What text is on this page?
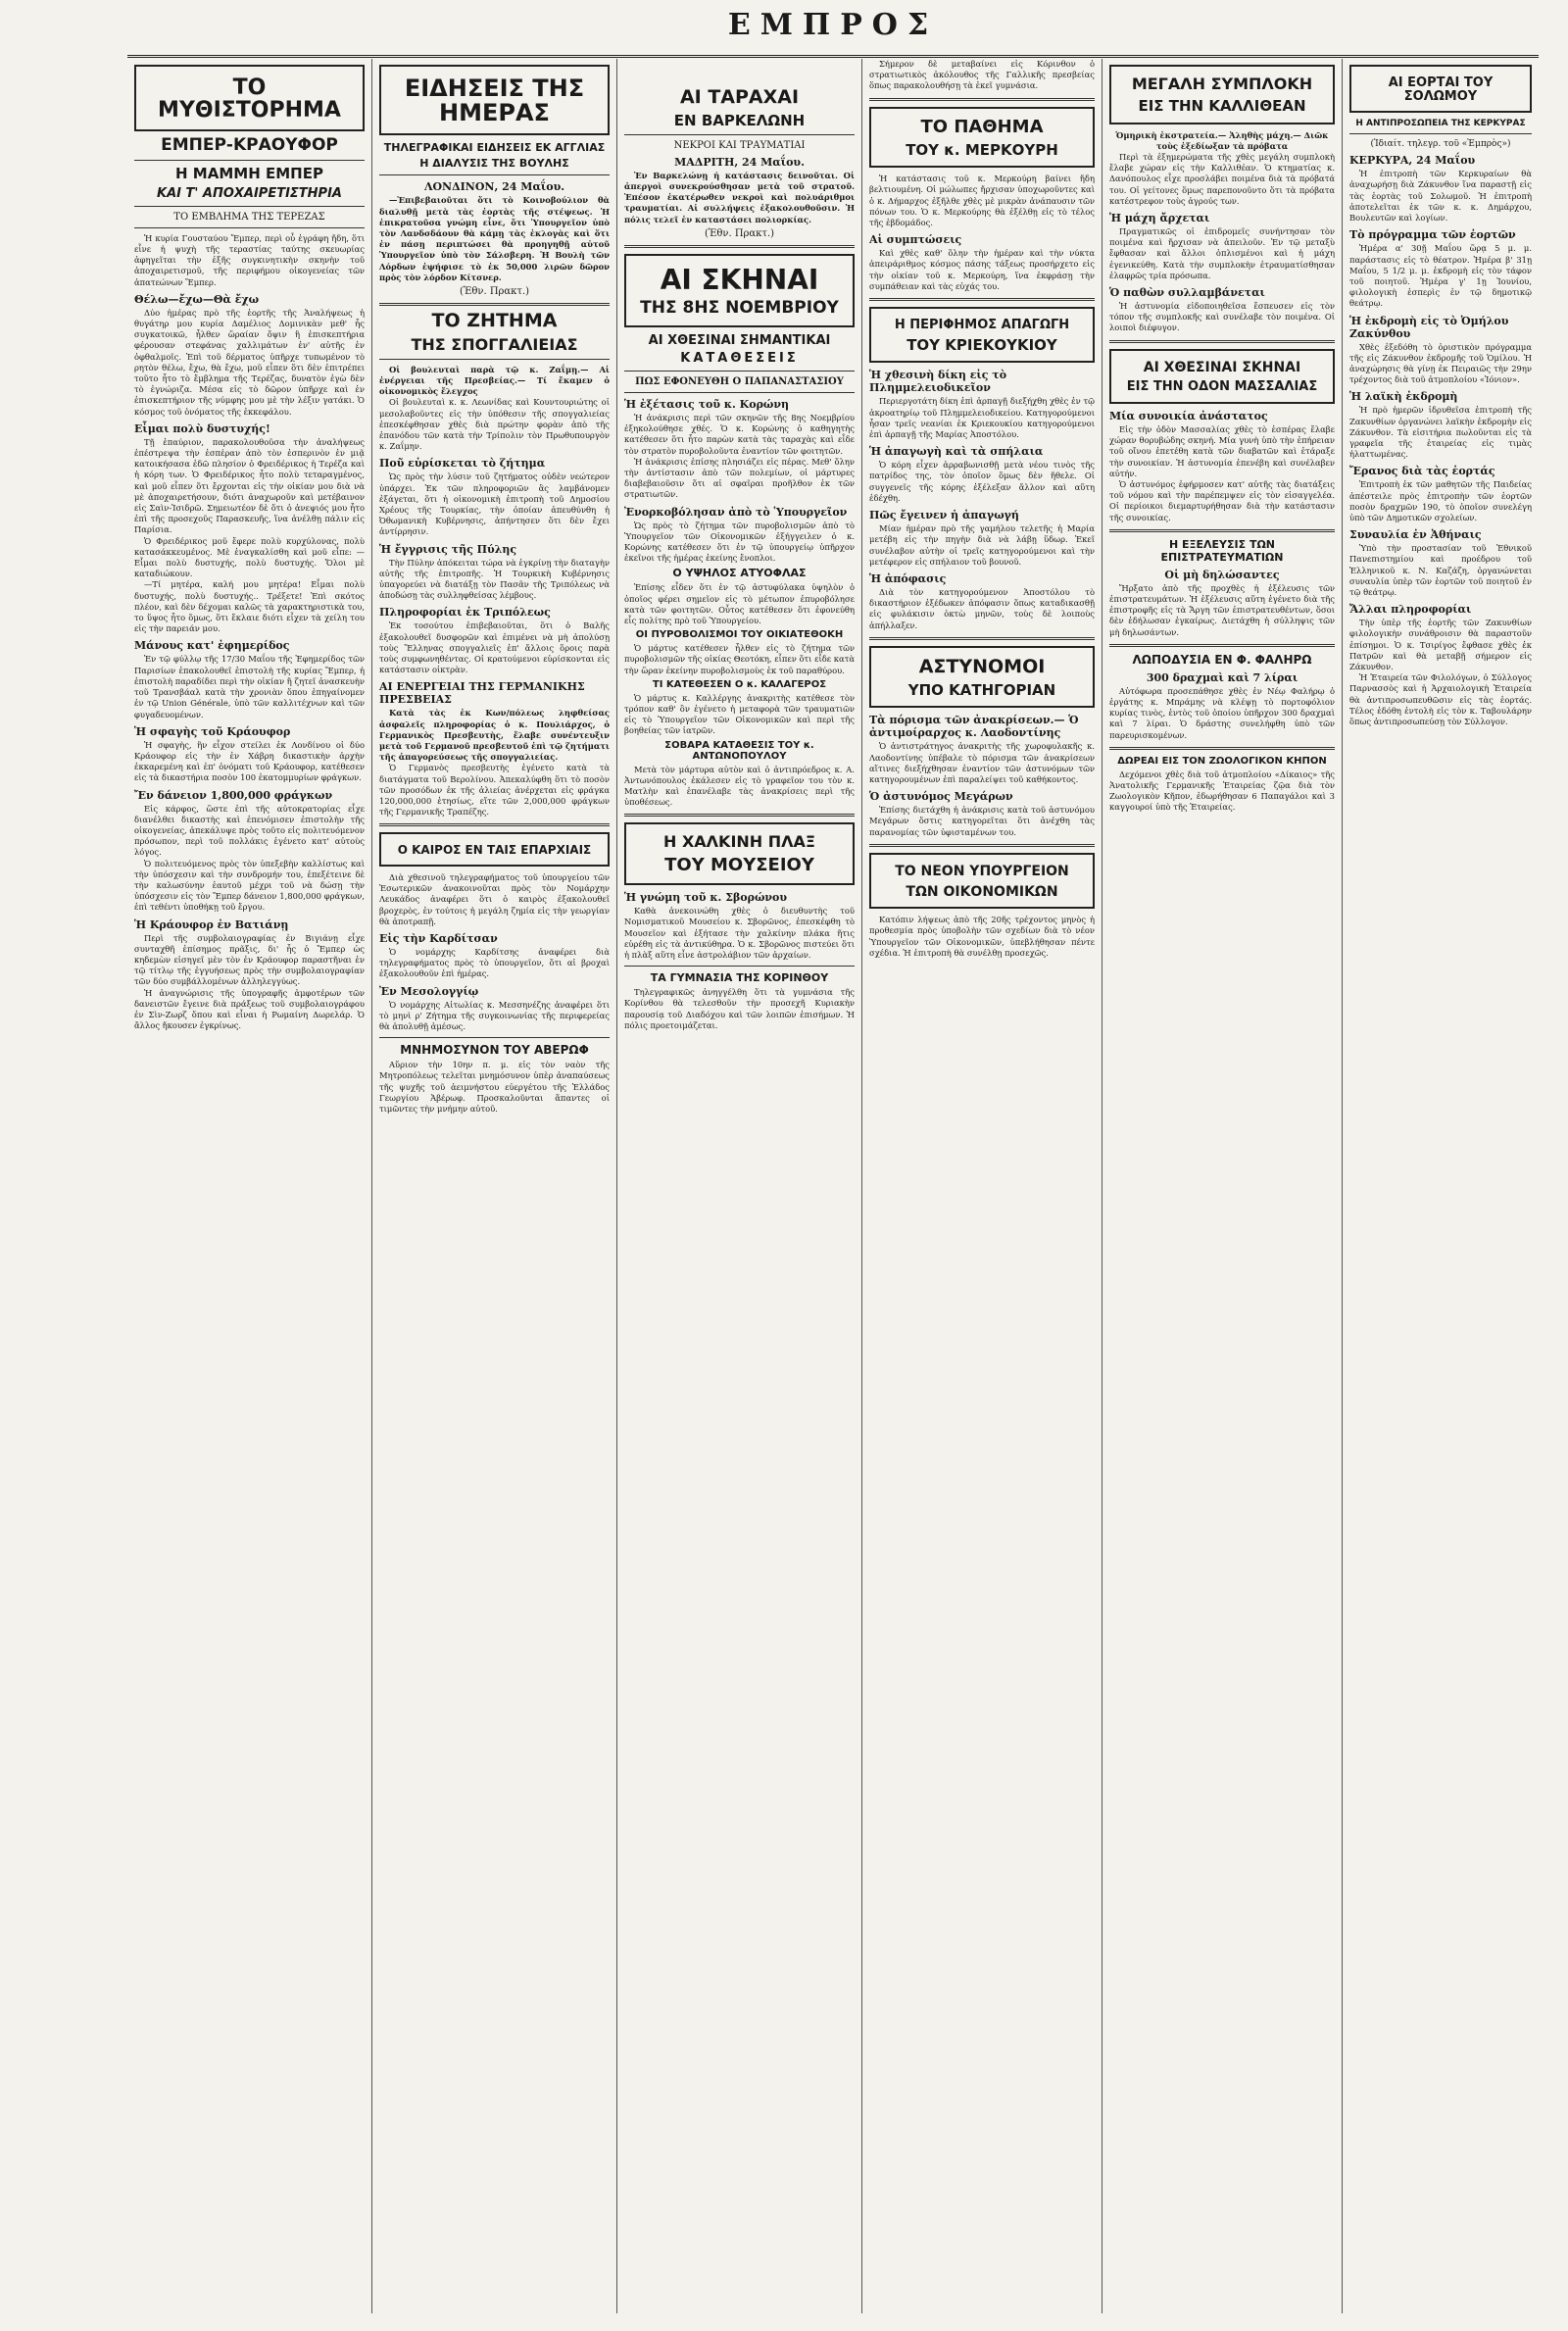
ΕΜΠΡΟΣ
ΤΟ ΜΥΘΙΣΤΟΡΗΜΑ
ΕΜΠΕΡ-ΚΡΑΟΥΦΟΡ
Η ΜΑΜΜΗ ΕΜΠΕΡ
ΚΑΙ Τ' ΑΠΟΧΑΙΡΕΤΙΣΤΗΡΙΑ
ΤΟ ΕΜΒΛΗΜΑ ΤΗΣ ΤΕΡΕΖΑΣ

Ἡ κυρία Γουσταύου Ἔμπερ, περὶ οὗ ἐγράφη ἤδη, ὅτι εἶνε ἡ ψυχὴ τῆς τεραστίας ταύτης σκευωρίας ἀφηγεῖται τὴν ἐξῆς συγκινητικὴν σκηνὴν τοῦ ἀποχαιρετισμοῦ, τῆς περιφήμου οἰκογενείας τῶν ἀπατεώνων Ἔμπερ.

Θέλω—ἔχω—Θὰ ἔχω

Δύο ἡμέρας πρὸ τῆς ἑορτῆς τῆς Ἀναλήψεως ἡ θυγάτηρ μου κυρία Δαμέλιος Δομινικὰν μεθ' ἧς συγκατοικῶ, ἦλθεν ὥραίαν ὄψιν ἢ ἐπισκεπτήρια φέρουσαν στεφάνας χαλλιμάτων ἐν' αὐτῆς ἐν ὀφθαλμοῖς. Ἐπὶ τοῦ δέρματος ὑπῆρχε τυπωμένον τὸ ρητὸν θέλω, ἔχω, θὰ ἔχω, μοῦ εἶπεν ὅτι δὲν ἐπιτρέπει τοῦτο ἦτο τὸ ἔμβλημα τῆς Τερέζας, δυνατὸν ἐγὼ δὲν τὸ ἐγνώριζα. Μέσα εἰς τὸ δῶρον ὑπῆρχε καὶ ἐν ἐπισκεπτήριον τῆς νύμφης μου μὲ τὴν λέξιν γατάκι. Ὁ κόσμος τοῦ ὀνόματος τῆς ἐκκεφάλου.

Εἶμαι πολὺ δυστυχής!

Τῇ ἐπαύριον, παρακολουθοῦσα τὴν ἀναλήψεως ἐπέστρεψα τὴν ἐσπέραν ἀπὸ τὸν ἐσπερινὸν ἐν μιᾷ κατοικήσασα ἐδῶ πλησίον ὁ Φρειδέρικος ἡ Τερέζα καὶ ἡ κόρη των. Ὁ Φρειδέρικος ἦτο πολὺ τεταραγμένος, καὶ μοῦ εἶπεν ὅτι ἔρχονται εἰς τὴν οἰκίαν μου διὰ νὰ μὲ ἀποχαιρετήσουν, διότι ἀναχωροῦν καὶ μετέβαινον εἰς Σαὶν-Ἰσιδρῶ. Σημειωτέον δὲ ὅτι ὁ ἀνεψιός μου ἦτο ἐπὶ τῆς προσεχοῦς Παρασκευῆς, ἵνα ἀνέλθῃ πάλιν εἰς Παρίσια.

Ὁ Φρειδέρικος μοῦ ἔφερε πολὺ κυρχύλονας, πολὺ κατασάκκευμένος. Μὲ ἐναγκαλίσθη καὶ μοῦ εἶπε: —Εἶμαι πολὺ δυστυχής, πολὺ δυστυχής. Ὅλοι μὲ καταδιώκουν.

—Τί μητέρα, καλή μου μητέρα! Εἶμαι πολὺ δυστυχής, πολὺ δυστυχής.. Τρέξετε! Ἐπὶ σκότος πλέον, καὶ δὲν δέχομαι καλῶς τὰ χαρακτηριστικὰ του, το ὕψος ἦτο ὅμως, ὅτι ἔκλαιε διότι εἶχεν τὰ χείλη του εἰς τὴν παρειάν μου.

Μάνους κατ' ἐφημερίδος

Ἐν τῷ φύλλῳ τῆς 17/30 Μαΐου τῆς Ἐφημερίδος τῶν Παρισίων ἐπακολουθεῖ ἐπιστολὴ τῆς κυρίας Ἔμπερ, ἡ ἐπιστολὴ παραδίδει περὶ τὴν οἰκίαν ἢ ζητεῖ ἀνασκευὴν τοῦ Τρανσβάαλ κατὰ τὴν χρονιὰν ὅπου ἐπηγαίνομεν ἐν τῷ Union Générale, ὑπὸ τῶν καλλιτέχνων καὶ τῶν φυγαδευομένων.

Ἡ σφαγὴς τοῦ Κράουφορ

Ἡ σφαγὴς, ἢν εἶχον στείλει ἐκ Λονδίνου οἱ δύο Κράουφορ εἰς τὴν ἐν Χάβρη δικαστικὴν ἀρχὴν ἐκκαρεμένη καὶ ἐπ' ὀνόματι τοῦ Κράουφορ, κατέθεσεν εἰς τὰ δικαστήρια ποσὸν 100 ἑκατομμυρίων φράγκων.

Ἔν δάνειον 1,800,000 φράγκων

Εἰς κάρφος, ὥστε ἐπὶ τῆς αὐτοκρατορίας εἶχε διανέλθει δικαστὴς καὶ ἐπενόμισεν ἐπιστολὴν τῆς οἰκογενείας, ἀπεκάλυψε πρὸς τοῦτο εἰς πολιτευόμενον πρόσωπον, περὶ τοῦ πολλάκις ἐγένετο κατ' αὐτοὺς λόγος.

Ὁ πολιτευόμενος πρὸς τὸν ὑπεξεβὴν καλλίστως καὶ τὴν ὑπόσχεσιν καὶ τὴν συνδρομήν του, ἐπεξέτεινε δὲ τὴν καλωσύνην ἑαυτοῦ μέχρι τοῦ νὰ δώσῃ τὴν ὑπόσχεσιν εἰς τὸν Ἔμπερ δάνειον 1,800,000 φράγκων, ἐπὶ τεθέντι ὑποθήκῃ τοῦ ἔργου.

Ἡ Κράουφορ ἐν Βατιάνῃ

Περὶ τῆς συμβολαιογραφίας ἐν Βιγιάνῃ εἶχε συνταχθῆ ἐπίσημος πρᾶξις, δι' ἧς ὁ Ἔμπερ ὡς κηδεμὼν εἰσηγεῖ μὲν τὸν ἐν Κράουφορ παραστῆναι ἐν τῷ τίτλῳ τῆς ἐγγυήσεως πρὸς τὴν συμβολαιογραφίαν τῶν δύο συμβάλλομένων ἀλληλεγγύως.

Ἡ ἀναγνώρισις τῆς ὑπογραφῆς ἀμφοτέρων τῶν δανειστῶν ἔγεινε διὰ πράξεως τοῦ συμβολαιογράφου ἐν Σὶν-Ζωρζ ὅπου καὶ εἶναι ἡ Ρωμαίνη Δωρελάρ. Ὁ ἄλλος ἤκουσεν ἐγκρίνως.

ΕΙΔΗΣΕΙΣ ΤΗΣ ΗΜΕΡΑΣ
ΤΗΛΕΓΡΑΦΙΚΑΙ ΕΙΔΗΣΕΙΣ ΕΚ ΑΓΓΛΙΑΣ
Η ΔΙΑΛΥΣΙΣ ΤΗΣ ΒΟΥΛΗΣ
ΛΟΝΔΙΝΟΝ, 24 Μαΐου.

—Ἐπιβεβαιοῦται ὅτι τὸ Κοινοβούλιον θὰ διαλυθῇ μετὰ τὰς ἑορτὰς τῆς στέψεως. Ἡ ἐπικρατοῦσα γνώμη εἶνε, ὅτι Ὑπουργεῖον ὑπὸ τὸν Λανδσδάουν θὰ κάμῃ τὰς ἐκλογὰς καὶ ὅτι ἐν πάσῃ περιπτώσει θὰ προηγηθῇ αὐτοῦ Ὑπουργεῖον ὑπὸ τὸν Σάλσβερη. Ἡ Βουλὴ τῶν Λόρδων ἐψήφισε τὸ ἐκ 50,000 λιρῶν δῶρον πρὸς τὸν λόρδον Κίτσνερ.

(Ἐθν. Πρακτ.)
ΤΟ ΖΗΤΗΜΑ
ΤΗΣ ΣΠΟΓΓΑΛΙΕΙΑΣ

Οἱ βουλευταὶ παρὰ τῷ κ. Ζαΐμῃ.— Αἱ ἐνέργειαι τῆς Πρεσβείας.— Τί ἔκαμεν ὁ οἰκονομικὸς ἔλεγχος

Οἱ βουλευταὶ κ. κ. Λεωνίδας καὶ Κουντουριώτης οἱ μεσολαβοῦντες εἰς τὴν ὑπόθεσιν τῆς σπογγαλιείας ἐπεσκέφθησαν χθὲς διὰ πρώτην φορὰν ἀπὸ τῆς ἐπανόδου τῶν κατὰ τὴν Τρίπολιν τὸν Πρωθυπουργὸν κ. Ζαΐμην.

Ποῦ εὑρίσκεται τὸ ζήτημα

Ὡς πρὸς τὴν λύσιν τοῦ ζητήματος οὐδὲν νεώτερον ὑπάρχει. Ἐκ τῶν πληροφοριῶν ἂς λαμβάνομεν ἐξάγεται, ὅτι ἡ οἰκονομικὴ ἐπιτροπὴ τοῦ Δημοσίου Χρέους τῆς Τουρκίας, τὴν ὁποίαν ἀπευθύνθη ἡ Ὀθωμανικὴ Κυβέρνησις, ἀπήντησεν ὅτι δὲν ἔχει ἀντίρρησιν.

Ἡ ἔγγρισις τῆς Πύλης

Τὴν Πύλην ἀπόκειται τώρα νὰ ἐγκρίνῃ τὴν διαταγὴν αὐτῆς τῆς ἐπιτροπῆς. Ἡ Τουρκικὴ Κυβέρνησις ὑπαγορεύει νὰ διατάξῃ τὸν Πασᾶν τῆς Τριπόλεως νὰ ἀποδώσῃ τὰς συλληφθείσας λέμβους.

Πληροφορίαι ἐκ Τριπόλεως

Ἐκ τοσούτου ἐπιβεβαιοῦται, ὅτι ὁ Βαλῆς ἐξακολουθεῖ δυσφορῶν καὶ ἐπιμένει νὰ μὴ ἀπολύσῃ τοὺς Ἕλληνας σπογγαλιεῖς ἐπ' ἄλλοις ὅροις παρὰ τοὺς συμφωνηθέντας. Οἱ κρατούμενοι εὑρίσκονται εἰς κατάστασιν οἰκτρὰν.

ΑΙ ΕΝΕΡΓΕΙΑΙ ΤΗΣ ΓΕΡΜΑΝΙΚΗΣ ΠΡΕΣΒΕΙΑΣ

Κατὰ τὰς ἐκ Κων/πόλεως ληφθείσας ἀσφαλεῖς πληροφορίας ὁ κ. Πουλιάρχος, ὁ Γερμανικὸς Πρεσβευτὴς, ἔλαβε συνέντευξιν μετὰ τοῦ Γερμανοῦ πρεσβευτοῦ ἐπὶ τῷ ζητήματι τῆς ἀπαγορεύσεως τῆς σπογγαλιείας.

Ὁ Γερμανὸς πρεσβευτὴς ἐγένετο κατὰ τὰ διατάγματα τοῦ Βερολίνου. Ἀπεκαλύφθη ὅτι τὸ ποσὸν τῶν προσόδων ἐκ τῆς ἁλιείας ἀνέρχεται εἰς φράγκα 120,000,000 ἐτησίως, εἴτε τῶν 2,000,000 φράγκων τῆς Γερμανικῆς Τραπέζης.

Ο ΚΑΙΡΟΣ ΕΝ ΤΑΙΣ ΕΠΑΡΧΙΑΙΣ

Διὰ χθεσινοῦ τηλεγραφήματος τοῦ ὑπουργείου τῶν Ἐσωτερικῶν ἀνακοινοῦται πρὸς τὸν Νομάρχην Λευκάδος ἀναφέρει ὅτι ὁ καιρὸς ἐξακολουθεῖ βροχερὸς, ἐν τούτοις ἡ μεγάλη ζημία εἰς τὴν γεωργίαν θὰ ἀποτραπῇ.

Εἰς τὴν Καρδίτσαν

Ὁ νομάρχης Καρδίτσης ἀναφέρει διὰ τηλεγραφήματος πρὸς τὸ ὑπουργεῖον, ὅτι αἱ βροχαὶ ἐξακολουθοῦν ἐπὶ ἡμέρας.

Ἐν Μεσολογγίῳ

Ὁ νομάρχης Αἰτωλίας κ. Μεσσηνέζης ἀναφέρει ὅτι τὸ μηνὶ ρ' Ζήτημα τῆς συγκοινωνίας τῆς περιφερείας θὰ ἀπολυθῇ ἀμέσως.

ΜΝΗΜΟΣΥΝΟΝ ΤΟΥ ΑΒΕΡΩΦ

Αὔριον τὴν 10ην π. μ. εἰς τὸν ναὸν τῆς Μητροπόλεως τελεῖται μνημόσυνον ὑπὲρ ἀναπαύσεως τῆς ψυχῆς τοῦ ἀειμνήστου εὐεργέτου τῆς Ἑλλάδος Γεωργίου Ἀβέρωφ. Προσκαλοῦνται ἅπαντες οἱ τιμῶντες τὴν μνήμην αὐτοῦ.

ΑΙ ΤΑΡΑΧΑΙ
ΕΝ ΒΑΡΚΕΛΩΝΗ
ΝΕΚΡΟΙ ΚΑΙ ΤΡΑΥΜΑΤΙΑΙ
ΜΑΔΡΙΤΗ, 24 Μαΐου.

Ἐν Βαρκελώνῃ ἡ κατάστασις δεινοῦται. Οἱ ἀπεργοὶ συνεκρούσθησαν μετὰ τοῦ στρατοῦ. Ἐπέσον ἑκατέρωθεν νεκροὶ καὶ πολυάριθμοι τραυματίαι. Αἱ συλλήψεις ἐξακολουθοῦσιν. Ἡ πόλις τελεῖ ἐν καταστάσει πολιορκίας.

(Ἐθν. Πρακτ.)
ΑΙ ΣΚΗΝΑΙ
ΤΗΣ 8ΗΣ ΝΟΕΜΒΡΙΟΥ
ΑΙ ΧΘΕΣΙΝΑΙ ΣΗΜΑΝΤΙΚΑΙ
ΚΑΤΑΘΕΣΕΙΣ
ΠΩΣ ΕΦΟΝΕΥΘΗ Ο ΠΑΠΑΝΑΣΤΑΣΙΟΥ
Ἡ ἐξέτασις τοῦ κ. Κορώνη

Ἡ ἀνάκρισις περὶ τῶν σκηνῶν τῆς 8ης Νοεμβρίου ἐξηκολούθησε χθές. Ὁ κ. Κορώνης ὁ καθηγητὴς κατέθεσεν ὅτι ἦτο παρὼν κατὰ τὰς ταραχὰς καὶ εἶδε τὸν στρατὸν πυροβολοῦντα ἐναντίον τῶν φοιτητῶν.

Ἡ ἀνάκρισις ἐπίσης πλησιάζει εἰς πέρας. Μεθ' ὅλην τὴν ἀντίστασιν ἀπὸ τῶν πολεμίων, οἱ μάρτυρες διαβεβαιοῦσιν ὅτι αἱ σφαῖραι προῆλθον ἐκ τῶν στρατιωτῶν.

Ἐνορκοβόλησαν ἀπὸ τὸ Ὑπουργεῖον

Ὡς πρὸς τὸ ζήτημα τῶν πυροβολισμῶν ἀπὸ τὸ Ὑπουργεῖον τῶν Οἰκονομικῶν ἐξήγγειλεν ὁ κ. Κορώνης κατέθεσεν ὅτι ἐν τῷ ὑπουργείῳ ὑπῆρχον ἐκεῖνοι τῆς ἡμέρας ἐκείνης ἔνοπλοι.

Ο ΥΨΗΛΟΣ ΑΤΥΟΦΛΑΣ

Ἐπίσης εἶδεν ὅτι ἐν τῷ ἀστυφύλακα ὑψηλὸν ὁ ὁποῖος φέρει σημεῖον εἰς τὸ μέτωπον ἐπυροβόλησε κατὰ τῶν φοιτητῶν. Οὗτος κατέθεσεν ὅτι ἐφονεύθη εἷς πολίτης πρὸ τοῦ Ὑπουργείου.

ΟΙ ΠΥΡΟΒΟΛΙΣΜΟΙ ΤΟΥ ΟΙΚΙΑΤΕΘΟΚΗ

Ὁ μάρτυς κατέθεσεν ἦλθεν εἰς τὸ ζήτημα τῶν πυροβολισμῶν τῆς οἰκίας Θεοτόκη, εἶπεν ὅτι εἶδε κατὰ τὴν ὥραν ἐκείνην πυροβολισμοὺς ἐκ τοῦ παραθύρου.

ΤΙ ΚΑΤΕΘΕΣΕΝ Ο κ. ΚΑΛΑΓΕΡΟΣ

Ὁ μάρτυς κ. Καλλέργης ἀνακριτὴς κατέθεσε τὸν τρόπον καθ' ὃν ἐγένετο ἡ μεταφορὰ τῶν τραυματιῶν εἰς τὸ Ὑπουργεῖον τῶν Οἰκονομικῶν καὶ περὶ τῆς βοηθείας τῶν ἰατρῶν.

ΣΟΒΑΡΑ ΚΑΤΑΘΕΣΙΣ ΤΟΥ κ. ΑΝΤΩΝΟΠΟΥΛΟΥ

Μετὰ τὸν μάρτυρα αὐτὸν καὶ ὁ ἀντιπρόεδρος κ. Α. Ἀντωνόπουλος ἐκάλεσεν εἰς τὸ γραφεῖον του τὸν κ. Ματλὴν καὶ ἐπανέλαβε τὰς ἀνακρίσεις περὶ τῆς ὑποθέσεως.

Η ΧΑΛΚΙΝΗ ΠΛΑΞ
ΤΟΥ ΜΟΥΣΕΙΟΥ
Ἡ γνώμη τοῦ κ. Σβορώνου

Καθὰ ἀνεκοινώθη χθὲς ὁ διευθυντὴς τοῦ Νομισματικοῦ Μουσείου κ. Σβορῶνος, ἐπεσκέφθη τὸ Μουσεῖον καὶ ἐξήτασε τὴν χαλκίνην πλάκα ἥτις εὑρέθη εἰς τὰ ἀντικύθηρα. Ὁ κ. Σβορῶνος πιστεύει ὅτι ἡ πλὰξ αὕτη εἶνε ἀστρολάβιον τῶν ἀρχαίων.

ΤΑ ΓΥΜΝΑΣΙΑ ΤΗΣ ΚΟΡΙΝΘΟΥ

Τηλεγραφικῶς ἀνηγγέλθη ὅτι τὰ γυμνάσια τῆς Κορίνθου θὰ τελεσθοῦν τὴν προσεχῆ Κυριακὴν παρουσίᾳ τοῦ Διαδόχου καὶ τῶν λοιπῶν ἐπισήμων. Ἡ πόλις προετοιμάζεται.

Σήμερον δὲ μεταβαίνει εἰς Κόρινθον ὁ στρατιωτικὸς ἀκόλουθος τῆς Γαλλικῆς πρεσβείας ὅπως παρακολουθήσῃ τὰ ἐκεῖ γυμνάσια.

ΤΟ ΠΑΘΗΜΑ
ΤΟΥ κ. ΜΕΡΚΟΥΡΗ

Ἡ κατάστασις τοῦ κ. Μερκούρη βαίνει ἤδη βελτιουμένη. Οἱ μώλωπες ἤρχισαν ὑποχωροῦντες καὶ ὁ κ. Δήμαρχος ἐξῆλθε χθὲς μὲ μικρὰν ἀνάπαυσιν τῶν πόνων του. Ὁ κ. Μερκούρης θὰ ἐξέλθῃ εἰς τὸ τέλος τῆς ἑβδομάδος.

Αἱ συμπτώσεις

Καὶ χθὲς καθ' ὅλην τὴν ἡμέραν καὶ τὴν νύκτα ἀπειράριθμος κόσμος πάσης τάξεως προσήρχετο εἰς τὴν οἰκίαν τοῦ κ. Μερκούρη, ἵνα ἐκφράσῃ τὴν συμπάθειαν καὶ τὰς εὐχάς του.

Η ΠΕΡΙΦΗΜΟΣ ΑΠΑΓΩΓΗ
ΤΟΥ ΚΡΙΕΚΟΥΚΙΟΥ
Ἡ χθεσινὴ δίκη εἰς τὸ Πλημμελειοδικεῖον

Περιεργοτάτη δίκη ἐπὶ ἁρπαγῇ διεξήχθη χθὲς ἐν τῷ ἀκροατηρίῳ τοῦ Πλημμελειοδικείου. Κατηγορούμενοι ἦσαν τρεῖς νεανίαι ἐκ Κριεκουκίου κατηγορούμενοι ἐπὶ ἁρπαγῇ τῆς Μαρίας Ἀποστόλου.

Ἡ ἀπαγωγὴ καὶ τὰ σπήλαια

Ὁ κόρη εἶχεν ἀρραβωνισθῇ μετὰ νέου τινὸς τῆς πατρίδος της, τὸν ὁποῖον ὅμως δὲν ἤθελε. Οἱ συγγενεῖς τῆς κόρης ἐξέλεξαν ἄλλον καὶ αὕτη ἐδέχθη.

Πῶς ἔγεινεν ἡ ἀπαγωγή

Μίαν ἡμέραν πρὸ τῆς γαμήλου τελετῆς ἡ Μαρία μετέβη εἰς τὴν πηγὴν διὰ νὰ λάβῃ ὕδωρ. Ἐκεῖ συνέλαβον αὐτὴν οἱ τρεῖς κατηγορούμενοι καὶ τὴν μετέφερον εἰς σπήλαιον τοῦ βουνοῦ.

Ἡ ἀπόφασις

Διὰ τὸν κατηγορούμενον Ἀποστόλου τὸ δικαστήριον ἐξέδωκεν ἀπόφασιν ὅπως καταδικασθῇ εἰς φυλάκισιν ὀκτὼ μηνῶν, τοὺς δὲ λοιποὺς ἀπήλλαξεν.

ΑΣΤΥΝΟΜΟΙ
ΥΠΟ ΚΑΤΗΓΟΡΙΑΝ
Τὰ πόρισμα τῶν ἀνακρίσεων.— Ὁ ἀντιμοίραρχος κ. Λαοδοντίνης

Ὁ ἀντιστράτηγος ἀνακριτὴς τῆς χωροφυλακῆς κ. Λαοδοντίνης ὑπέβαλε τὸ πόρισμα τῶν ἀνακρίσεων αἵτινες διεξήχθησαν ἐναντίον τῶν ἀστυνόμων τῶν κατηγορουμένων ἐπὶ παραλείψει τοῦ καθήκοντος.

Ὁ ἀστυνόμος Μεγάρων

Ἐπίσης διετάχθη ἡ ἀνάκρισις κατὰ τοῦ ἀστυνόμου Μεγάρων ὅστις κατηγορεῖται ὅτι ἀνέχθη τὰς παρανομίας τῶν ὑφισταμένων του.

ΤΟ ΝΕΟΝ ΥΠΟΥΡΓΕΙΟΝ
ΤΩΝ ΟΙΚΟΝΟΜΙΚΩΝ

Κατόπιν λήψεως ἀπὸ τῆς 20ῆς τρέχοντος μηνὸς ἡ προθεσμία πρὸς ὑποβολὴν τῶν σχεδίων διὰ τὸ νέον Ὑπουργεῖον τῶν Οἰκονομικῶν, ὑπεβλήθησαν πέντε σχέδια. Ἡ ἐπιτροπὴ θὰ συνέλθῃ προσεχῶς.

ΜΕΓΑΛΗ ΣΥΜΠΛΟΚΗ
ΕΙΣ ΤΗΝ ΚΑΛΛΙΘΕΑΝ

Ὁμηρικὴ ἐκστρατεία.— Ἀληθὴς μάχη.— Διῶκ τοὺς ἐξεδίωξαν τὰ πρόβατα

Περὶ τὰ ἑξημερώματα τῆς χθὲς μεγάλη συμπλοκὴ ἔλαβε χώραν εἰς τὴν Καλλιθέαν. Ὁ κτηματίας κ. Δανόπουλος εἶχε προσλάβει ποιμένα διὰ τὰ πρόβατά του. Οἱ γείτονες ὅμως παρεπονοῦντο ὅτι τὰ πρόβατα κατέστρεφον τοὺς ἀγρούς των.

Ἡ μάχη ἄρχεται

Πραγματικῶς οἱ ἐπιδρομεῖς συνήντησαν τὸν ποιμένα καὶ ἤρχισαν νὰ ἀπειλοῦν. Ἐν τῷ μεταξὺ ἔφθασαν καὶ ἄλλοι ὁπλισμένοι καὶ ἡ μάχη ἐγενικεύθη. Κατὰ τὴν συμπλοκὴν ἐτραυματίσθησαν ἐλαφρῶς τρία πρόσωπα.

Ὁ παθὼν συλλαμβάνεται

Ἡ ἀστυνομία εἰδοποιηθεῖσα ἔσπευσεν εἰς τὸν τόπον τῆς συμπλοκῆς καὶ συνέλαβε τὸν ποιμένα. Οἱ λοιποὶ διέφυγον.

ΑΙ ΧΘΕΣΙΝΑΙ ΣΚΗΝΑΙ
ΕΙΣ ΤΗΝ ΟΔΟΝ ΜΑΣΣΑΛΙΑΣ
Μία συνοικία ἀνάστατος

Εἰς τὴν ὁδὸν Μασσαλίας χθὲς τὸ ἑσπέρας ἔλαβε χώραν θορυβώδης σκηνή. Μία γυνὴ ὑπὸ τὴν ἐπήρειαν τοῦ οἴνου ἐπετέθη κατὰ τῶν διαβατῶν καὶ ἐτάραξε τὴν συνοικίαν. Ἡ ἀστυνομία ἐπενέβη καὶ συνέλαβεν αὐτήν.

Ὁ ἀστυνόμος ἐφήρμοσεν κατ' αὐτῆς τὰς διατάξεις τοῦ νόμου καὶ τὴν παρέπεμψεν εἰς τὸν εἰσαγγελέα. Οἱ περίοικοι διεμαρτυρήθησαν διὰ τὴν κατάστασιν τῆς συνοικίας.

Η ΕΞΕΛΕΥΣΙΣ ΤΩΝ ΕΠΙΣΤΡΑΤΕΥΜΑΤΙΩΝ
Οἱ μὴ δηλώσαντες

Ἤρξατο ἀπὸ τῆς προχθὲς ἡ ἐξέλευσις τῶν ἐπιστρατευμάτων. Ἡ ἐξέλευσις αὕτη ἐγένετο διὰ τῆς ἐπιστροφῆς εἰς τὰ Ἄργη τῶν ἐπιστρατευθέντων, ὅσοι δὲν ἐδήλωσαν ἐγκαίρως. Διετάχθη ἡ σύλληψις τῶν μὴ δηλωσάντων.

ΛΩΠΟΔΥΣΙΑ ΕΝ Φ. ΦΑΛΗΡΩ
300 δραχμαὶ καὶ 7 λίραι

Αὐτόφωρα προσεπάθησε χθὲς ἐν Νέῳ Φαλήρῳ ὁ ἐργάτης κ. Μπράμης νὰ κλέψῃ τὸ πορτοφόλιον κυρίας τινὸς, ἐντὸς τοῦ ὁποίου ὑπῆρχον 300 δραχμαὶ καὶ 7 λίραι. Ὁ δράστης συνελήφθη ὑπὸ τῶν παρευρισκομένων.

ΔΩΡΕΑΙ ΕΙΣ ΤΟΝ ΖΩΟΛΟΓΙΚΟΝ ΚΗΠΟΝ

Δεχόμενοι χθὲς διὰ τοῦ ἀτμοπλοίου «Δίκαιος» τῆς Ἀνατολικῆς Γερμανικῆς Ἑταιρείας ζῷα διὰ τὸν Ζωολογικὸν Κῆπον, ἐδωρήθησαν 6 Παπαγάλοι καὶ 3 καγγουροί ὑπὸ τῆς Ἑταιρείας.

ΑΙ ΕΟΡΤΑΙ ΤΟΥ ΣΟΛΩΜΟΥ
Η ΑΝΤΙΠΡΟΣΩΠΕΙΑ ΤΗΣ ΚΕΡΚΥΡΑΣ
(Ἰδιαίτ. τηλεγρ. τοῦ «Ἐμπρὸς»)
ΚΕΡΚΥΡΑ, 24 Μαΐου

Ἡ ἐπιτροπὴ τῶν Κερκυραίων θὰ ἀναχωρήσῃ διὰ Ζάκυνθον ἵνα παραστῇ εἰς τὰς ἑορτὰς τοῦ Σολωμοῦ. Ἡ ἐπιτροπὴ ἀποτελεῖται ἐκ τῶν κ. κ. Δημάρχου, Βουλευτῶν καὶ λογίων.

Τὸ πρόγραμμα τῶν ἑορτῶν

Ἡμέρα α' 30ῇ Μαΐου ὥρᾳ 5 μ. μ. παράστασις εἰς τὸ θέατρον. Ἡμέρα β' 31ῃ Μαΐου, 5 1/2 μ. μ. ἐκδρομὴ εἰς τὸν τάφον τοῦ ποιητοῦ. Ἡμέρα γ' 1ῃ Ἰουνίου, φιλολογικὴ ἑσπερὶς ἐν τῷ δημοτικῷ θεάτρῳ.

Ἡ ἐκδρομὴ εἰς τὸ Ὀμήλου Ζακύνθου

Χθὲς ἐξεδόθη τὸ ὁριστικὸν πρόγραμμα τῆς εἰς Ζάκυνθον ἐκδρομῆς τοῦ Ὁμίλου. Ἡ ἀναχώρησις θὰ γίνῃ ἐκ Πειραιῶς τὴν 29ην τρέχοντος διὰ τοῦ ἀτμοπλοίου «Ἰόνιον».

Ἡ λαϊκὴ ἐκδρομὴ

Ἡ πρὸ ἡμερῶν ἱδρυθεῖσα ἐπιτροπὴ τῆς Ζακυνθίων ὀργανώνει λαϊκὴν ἐκδρομὴν εἰς Ζάκυνθον. Τὰ εἰσιτήρια πωλοῦνται εἰς τὰ γραφεῖα τῆς ἑταιρείας εἰς τιμὰς ἡλαττωμένας.

Ἔρανος διὰ τὰς ἑορτάς

Ἐπιτροπὴ ἐκ τῶν μαθητῶν τῆς Παιδείας ἀπέστειλε πρὸς ἐπιτροπὴν τῶν ἑορτῶν ποσὸν δραχμῶν 190, τὸ ὁποῖον συνελέγη ὑπὸ τῶν Δημοτικῶν σχολείων.

Συναυλία ἐν Ἀθήναις

Ὑπὸ τὴν προστασίαν τοῦ Ἐθνικοῦ Πανεπιστημίου καὶ προέδρου τοῦ Ἑλληνικοῦ κ. Ν. Καζάζη, ὀργανώνεται συναυλία ὑπὲρ τῶν ἑορτῶν τοῦ ποιητοῦ ἐν τῷ θεάτρῳ.

Ἄλλαι πληροφορίαι

Τὴν ὑπὲρ τῆς ἑορτῆς τῶν Ζακυνθίων φιλολογικὴν συνάθροισιν θὰ παραστοῦν ἐπίσημοι. Ὁ κ. Τσιρίγος ἔφθασε χθὲς ἐκ Πατρῶν καὶ θὰ μεταβῇ σήμερον εἰς Ζάκυνθον.

Ἡ Ἑταιρεία τῶν Φιλολόγων, ὁ Σύλλογος Παρνασσὸς καὶ ἡ Ἀρχαιολογικὴ Ἑταιρεία θὰ ἀντιπροσωπευθῶσιν εἰς τὰς ἑορτάς. Τέλος ἐδόθη ἐντολὴ εἰς τὸν κ. Ταβουλάρην ὅπως ἀντιπροσωπεύσῃ τὸν Σύλλογον.
